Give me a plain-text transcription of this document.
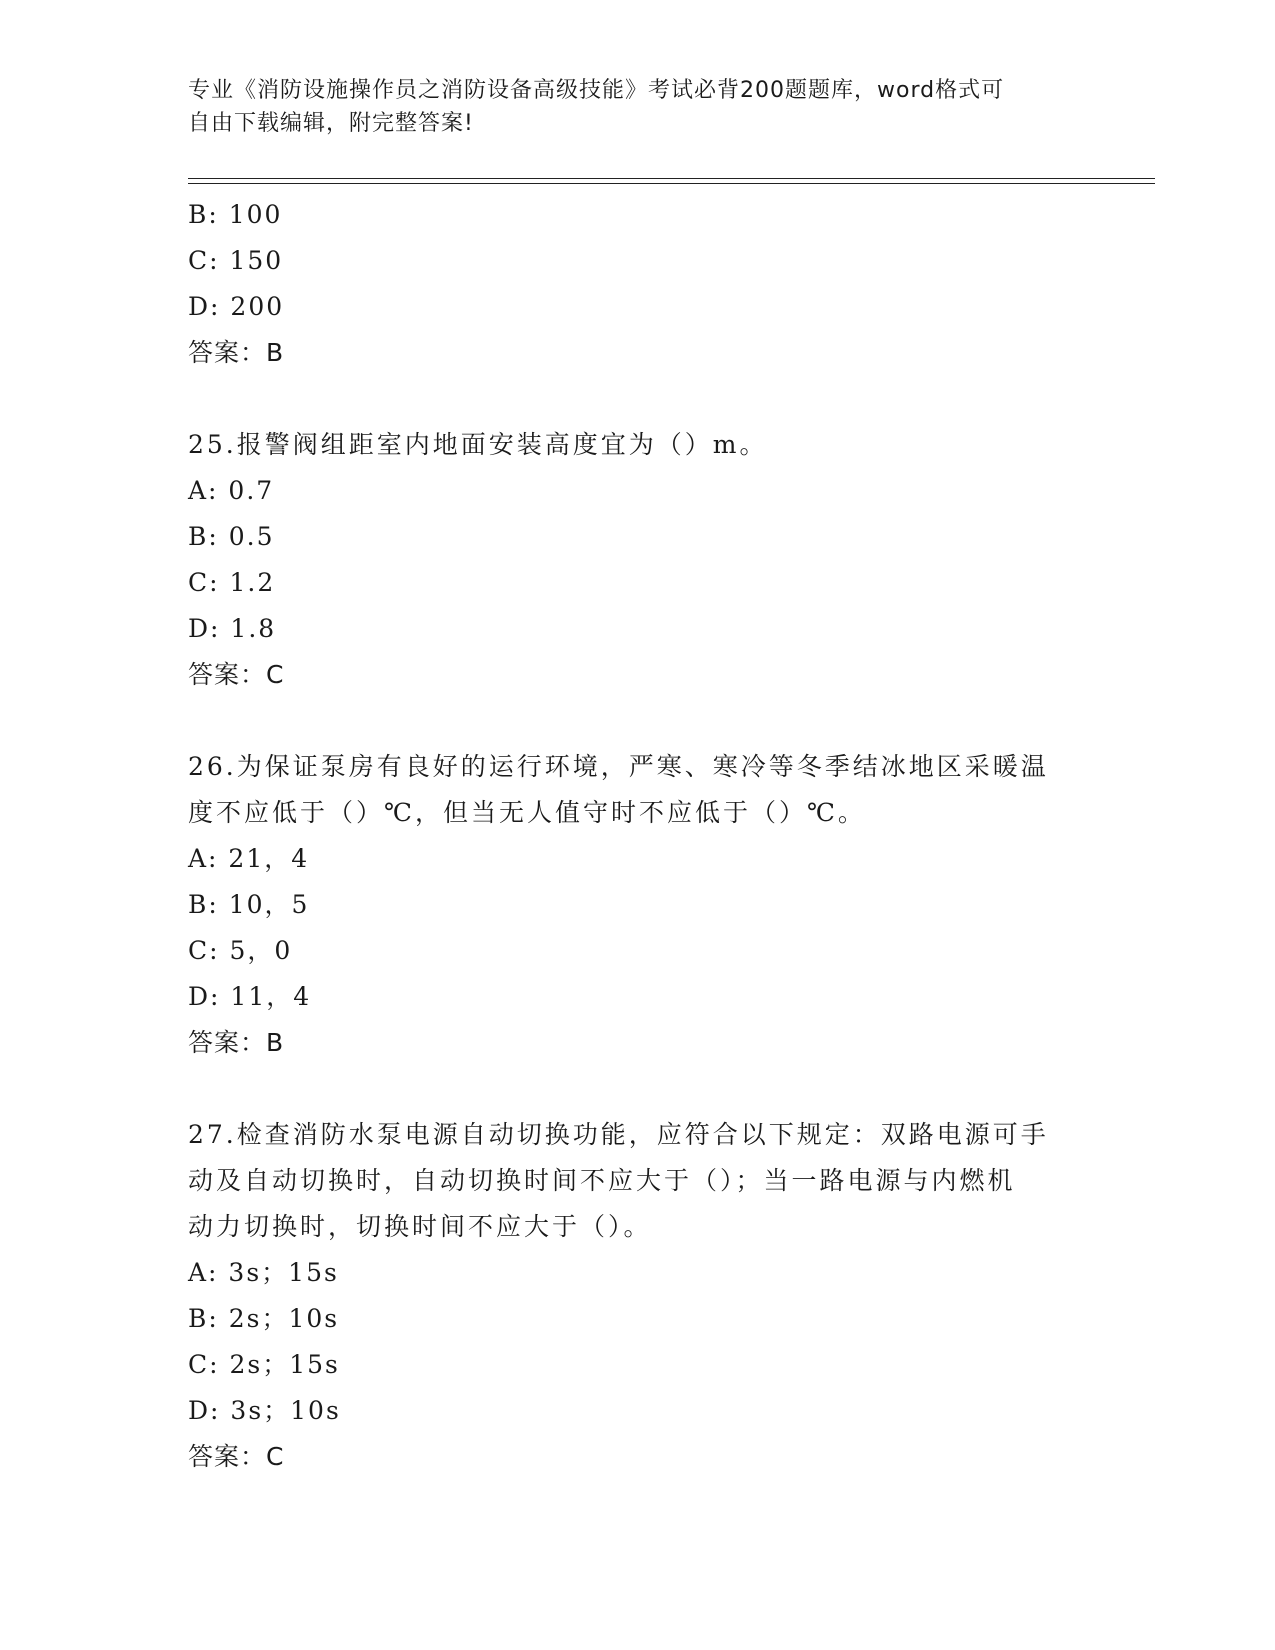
专业《消防设施操作员之消防设备高级技能》考试必背200题题库，word格式可
自由下载编辑，附完整答案!
B: 100
C: 150
D: 200
答案：B
25.报警阀组距室内地面安装高度宜为（）m。
A: 0.7
B: 0.5
C: 1.2
D: 1.8
答案：C
26.为保证泵房有良好的运行环境，严寒、寒冷等冬季结冰地区采暖温
度不应低于（）℃，但当无人值守时不应低于（）℃。
A: 21，4
B: 10，5
C: 5，0
D: 11，4
答案：B
27.检查消防水泵电源自动切换功能，应符合以下规定：双路电源可手
动及自动切换时，自动切换时间不应大于（）；当一路电源与内燃机
动力切换时，切换时间不应大于（）。
A: 3s；15s
B: 2s；10s
C: 2s；15s
D: 3s；10s
答案：C
